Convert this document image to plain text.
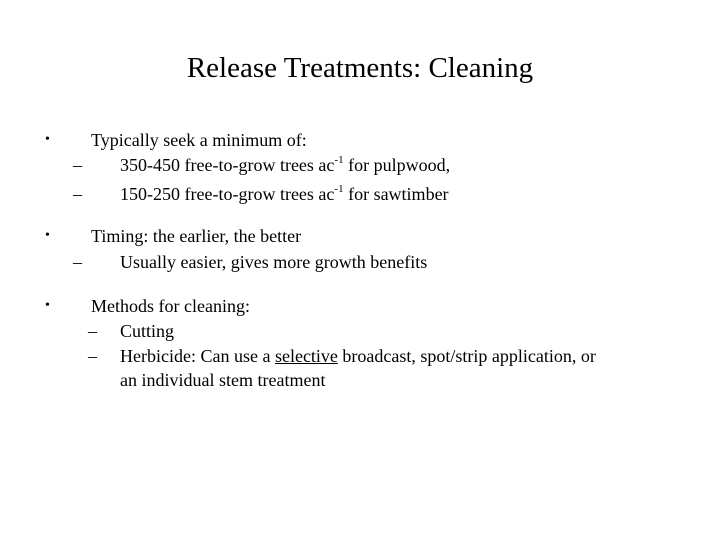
Release Treatments: Cleaning
• Typically seek a minimum of:
– 350-450 free-to-grow trees $ac^{-1}$ for pulpwood,
– 150-250 free-to-grow trees $ac^{-1}$ for sawtimber
• Timing: the earlier, the better
– Usually easier, gives more growth benefits
• Methods for cleaning:
– Cutting
– Herbicide: Can use a selective broadcast, spot/strip application, or
an individual stem treatment
